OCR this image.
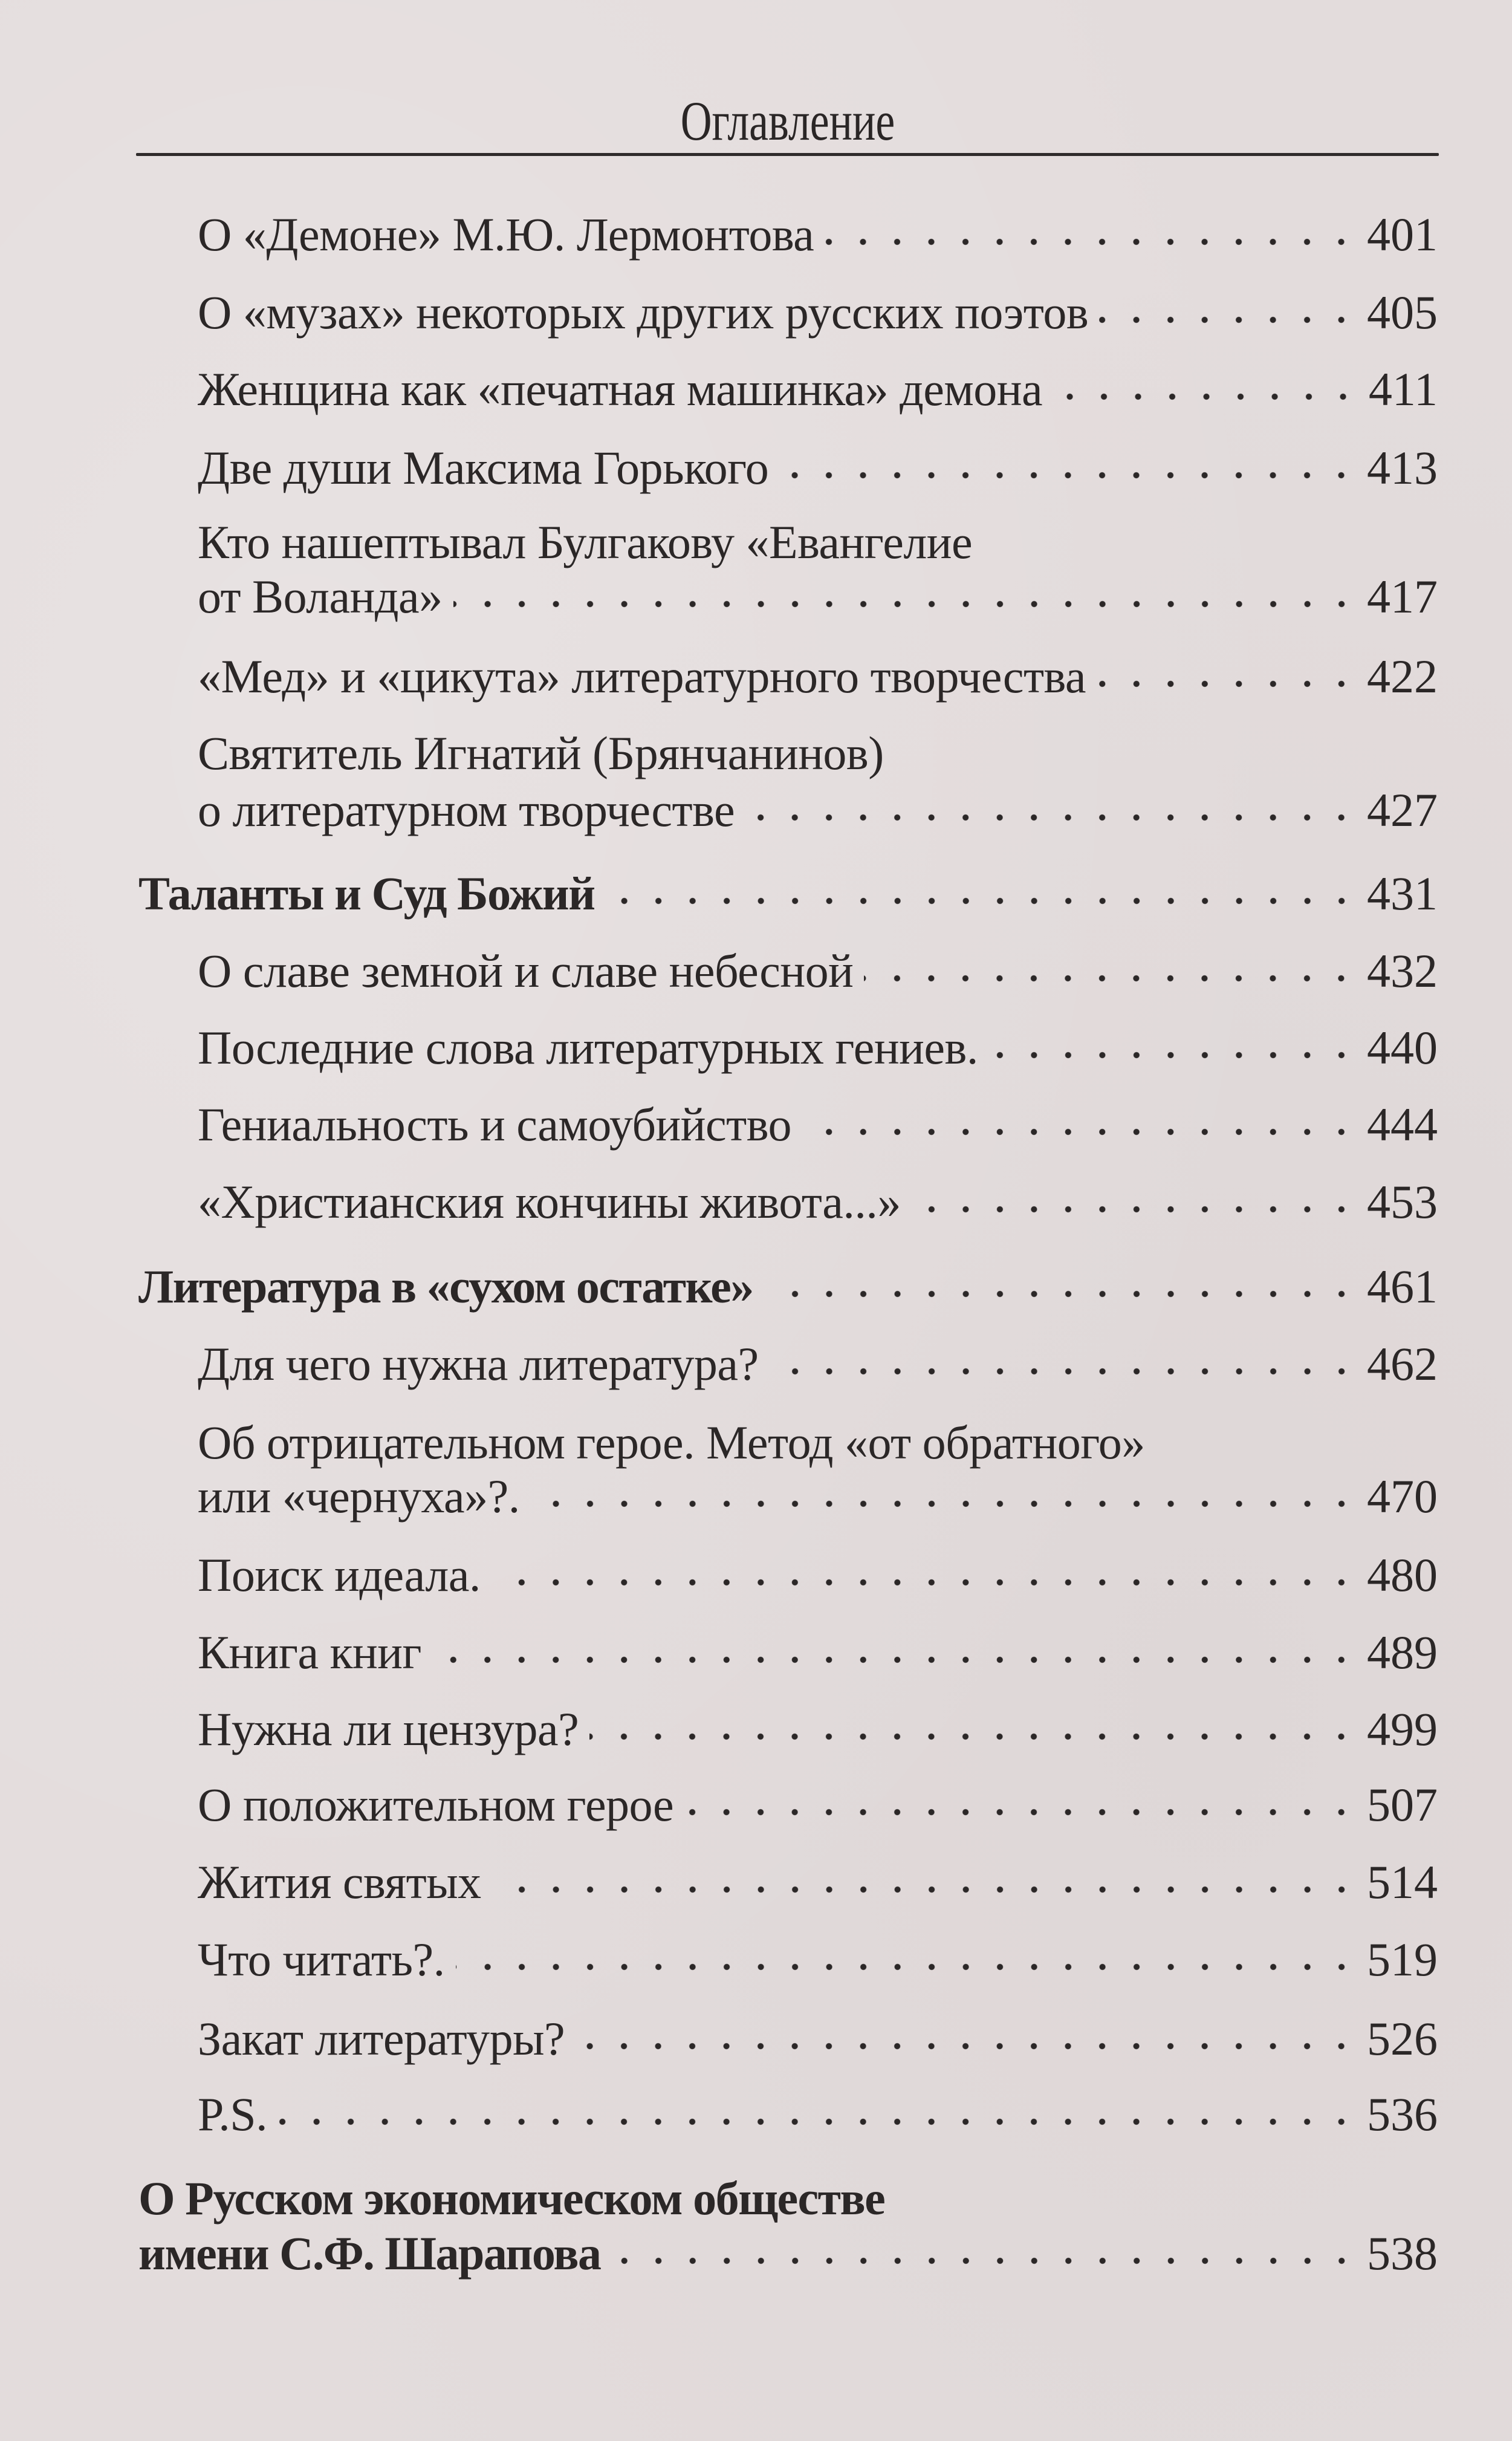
Оглавление
О «Демоне» М.Ю. Лермонтова	401
О «музах» некоторых других русских поэтов	405
Женщина как «печатная машинка» демона	411
Две души Максима Горького	413
Кто нашептывал Булгакову «Евангелие
от Воланда»	417
«Мед» и «цикута» литературного творчества	422
Святитель Игнатий (Брянчанинов)
о литературном творчестве	427
Таланты и Суд Божий	431
О славе земной и славе небесной	432
Последние слова литературных гениев.	440
Гениальность и самоубийство	444
«Христианския кончины живота...»	453
Литература в «сухом остатке»	461
Для чего нужна литература?	462
Об отрицательном герое. Метод «от обратного»
или «чернуха»?.	470
Поиск идеала.	480
Книга книг	489
Нужна ли цензура?	499
О положительном герое	507
Жития святых	514
Что читать?.	519
Закат литературы?	526
P.S.	536
О Русском экономическом обществе
имени С.Ф. Шарапова	538
